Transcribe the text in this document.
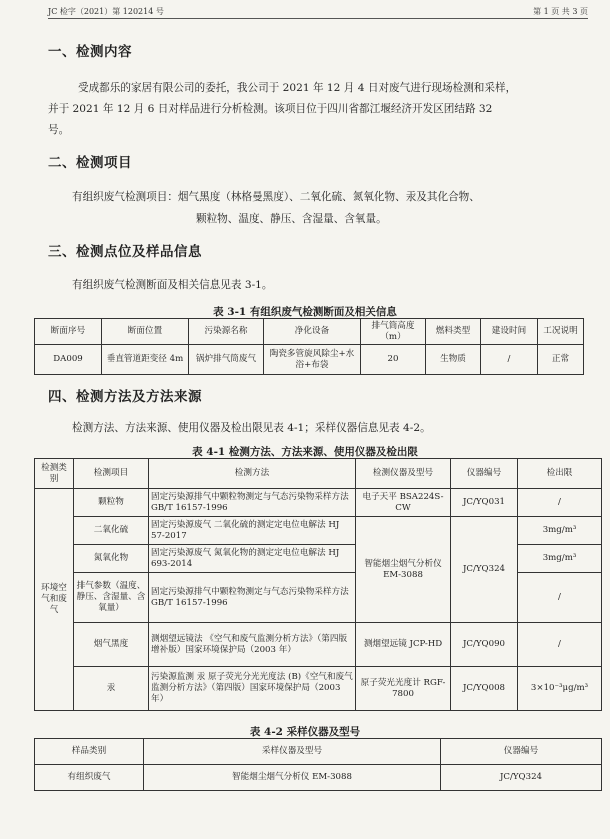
JC 检字（2021）第 120214 号	第 1 页 共 3 页
一、检测内容
受成都乐的家居有限公司的委托，我公司于 2021 年 12 月 4 日对废气进行现场检测和采样，
并于 2021 年 12 月 6 日对样品进行分析检测。该项目位于四川省都江堰经济开发区团结路 32
号。
二、检测项目
有组织废气检测项目：烟气黑度（林格曼黑度）、二氧化硫、氮氧化物、汞及其化合物、
颗粒物、温度、静压、含湿量、含氧量。
三、检测点位及样品信息
有组织废气检测断面及相关信息见表 3-1。
表 3-1 有组织废气检测断面及相关信息
断面序号	断面位置	污染源名称	净化设备	排气筒高度（m）	燃料类型	建设时间	工况说明
DA009	垂直管道距变径 4m	锅炉排气筒废气	陶瓷多管旋风除尘+水浴+布袋	20	生物质	/	正常
四、检测方法及方法来源
检测方法、方法来源、使用仪器及检出限见表 4-1；采样仪器信息见表 4-2。
表 4-1 检测方法、方法来源、使用仪器及检出限
检测类别	检测项目	检测方法	检测仪器及型号	仪器编号	检出限
环境空气和废气	颗粒物	固定污染源排气中颗粒物测定与气态污染物采样方法 GB/T 16157-1996	电子天平 BSA224S-CW	JC/YQ031	/
	二氧化硫	固定污染源废气 二氧化硫的测定定电位电解法 HJ 57-2017	智能烟尘烟气分析仪 EM-3088	JC/YQ324	3mg/m³
	氮氧化物	固定污染源废气 氮氧化物的测定定电位电解法 HJ 693-2014			3mg/m³
	排气参数（温度、静压、含湿量、含氧量）	固定污染源排气中颗粒物测定与气态污染物采样方法 GB/T 16157-1996			/
	烟气黑度	测烟望远镜法 《空气和废气监测分析方法》（第四版增补版）国家环境保护局（2003 年）	测烟望远镜 JCP-HD	JC/YQ090	/
	汞	污染源监测 汞 原子荧光分光光度法 (B)《空气和废气监测分析方法》（第四版）国家环境保护局（2003 年）	原子荧光光度计 RGF-7800	JC/YQ008	3×10⁻³μg/m³
表 4-2 采样仪器及型号
样品类别	采样仪器及型号	仪器编号
有组织废气	智能烟尘烟气分析仪 EM-3088	JC/YQ324
